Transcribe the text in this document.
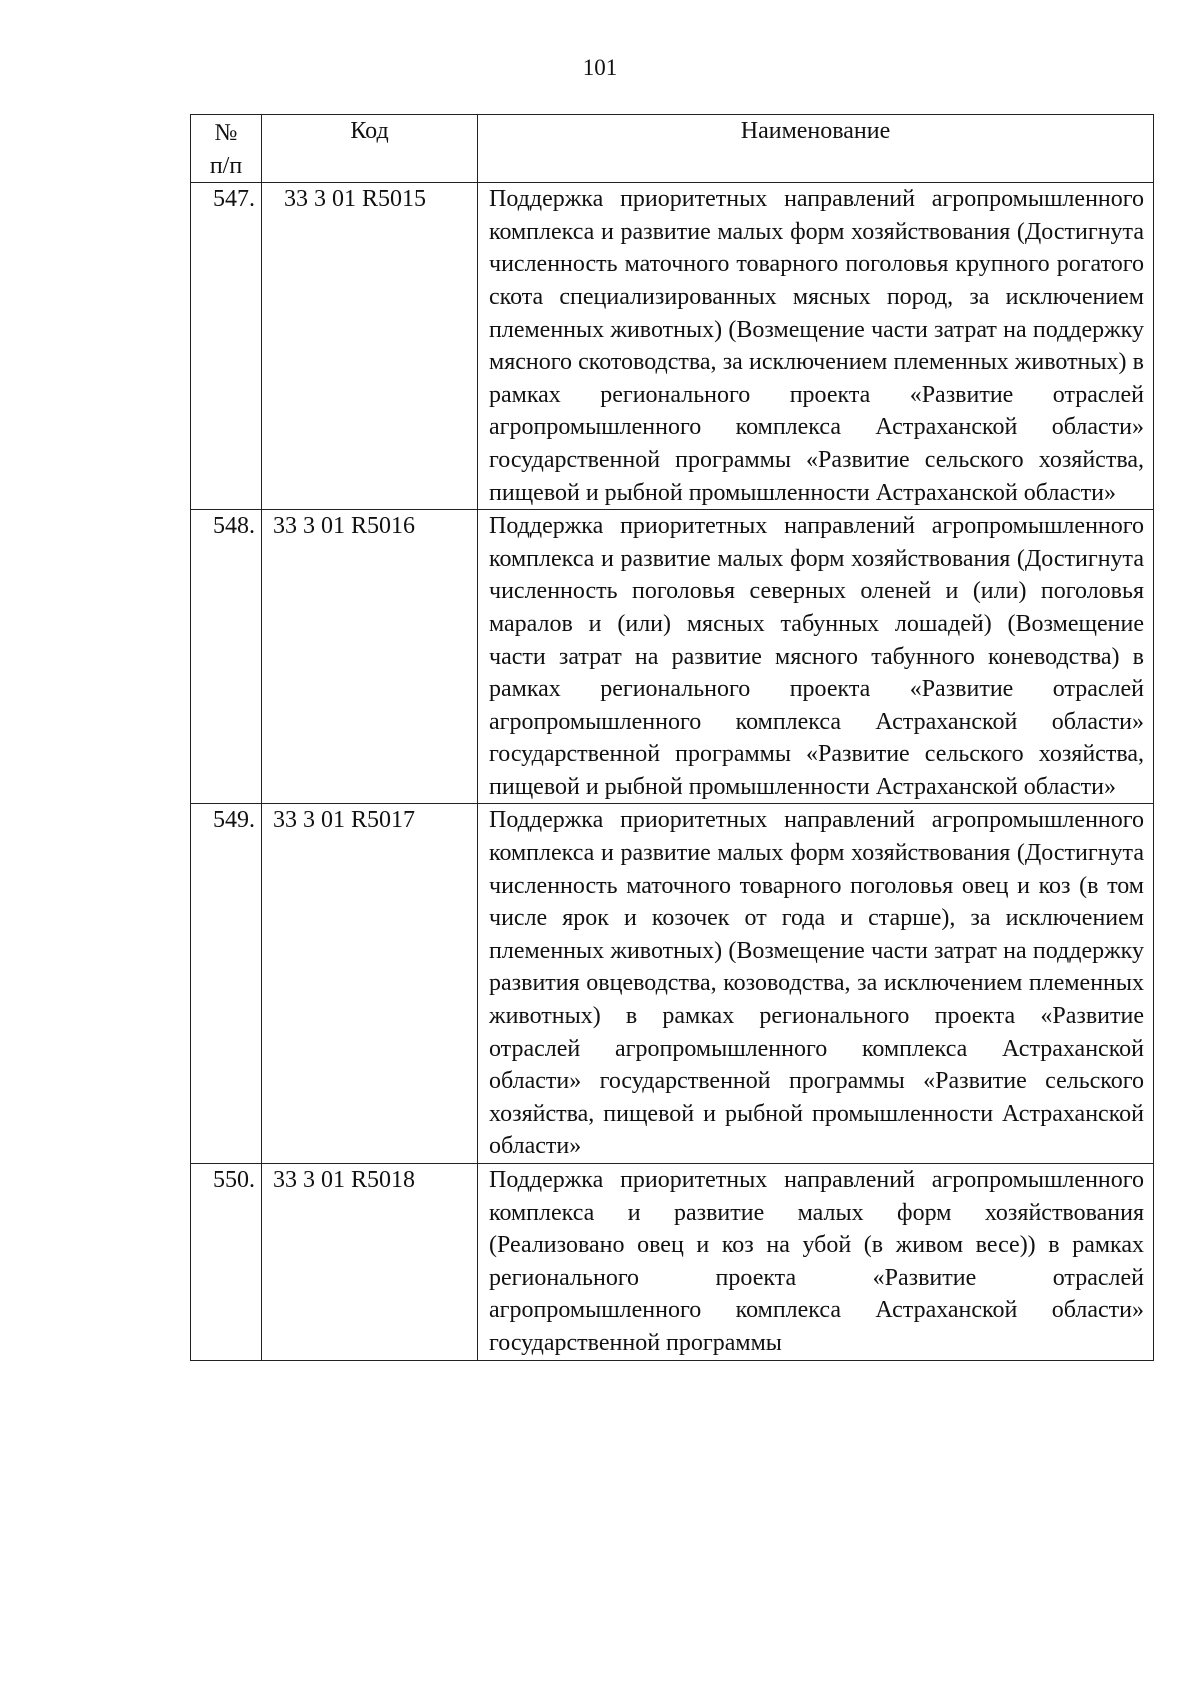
101
№
п/п	Код	Наименование
547.	33 3 01 R5015	Поддержка приоритетных направлений агропромышленного комплекса и развитие малых форм хозяйствования (Достигнута численность маточного товарного поголовья крупного рогатого скота специализированных мясных пород, за исключением племенных животных) (Возмещение части затрат на поддержку мясного скотоводства, за исключением племенных животных) в рамках регионального проекта «Развитие отраслей агропромышленного комплекса Астраханской области» государственной программы «Развитие сельского хозяйства, пищевой и рыбной промышленности Астраханской области»
548.	33 3 01 R5016	Поддержка приоритетных направлений агропромышленного комплекса и развитие малых форм хозяйствования (Достигнута численность поголовья северных оленей и (или) поголовья маралов и (или) мясных табунных лошадей) (Возмещение части затрат на развитие мясного табунного коневодства) в рамках регионального проекта «Развитие отраслей агропромышленного комплекса Астраханской области» государственной программы «Развитие сельского хозяйства, пищевой и рыбной промышленности Астраханской области»
549.	33 3 01 R5017	Поддержка приоритетных направлений агропромышленного комплекса и развитие малых форм хозяйствования (Достигнута численность маточного товарного поголовья овец и коз (в том числе ярок и козочек от года и старше), за исключением племенных животных) (Возмещение части затрат на поддержку развития овцеводства, козоводства, за исключением племенных животных) в рамках регионального проекта «Развитие отраслей агропромышленного комплекса Астраханской области» государственной программы «Развитие сельского хозяйства, пищевой и рыбной промышленности Астраханской области»
550.	33 3 01 R5018	Поддержка приоритетных направлений агропромышленного комплекса и развитие малых форм хозяйствования (Реализовано овец и коз на убой (в живом весе)) в рамках регионального проекта «Развитие отраслей агропромышленного комплекса Астраханской области» государственной программы
